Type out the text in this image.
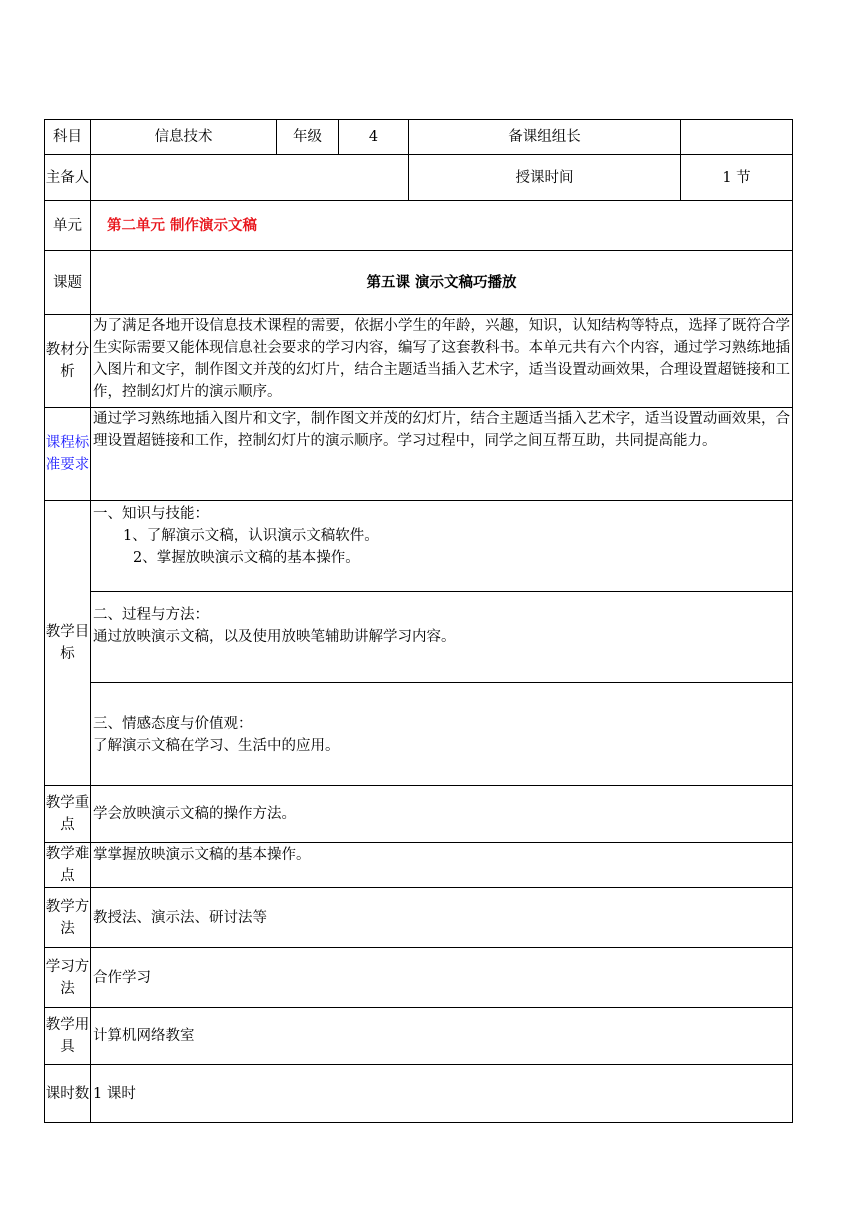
科目	信息技术	年级	4	备课组组长	
主备人				授课时间	1 节
单元	第二单元 制作演示文稿				
课题	第五课 演示文稿巧播放				
教材分析	为了满足各地开设信息技术课程的需要，依据小学生的年龄，兴趣，知识，认知结构等特点，选择了既符合学生实际需要又能体现信息社会要求的学习内容，编写了这套教科书。本单元共有六个内容，通过学习熟练地插入图片和文字，制作图文并茂的幻灯片，结合主题适当插入艺术字，适当设置动画效果，合理设置超链接和工作，控制幻灯片的演示顺序。				
课程标准要求	通过学习熟练地插入图片和文字，制作图文并茂的幻灯片，结合主题适当插入艺术字，适当设置动画效果，合理设置超链接和工作，控制幻灯片的演示顺序。学习过程中，同学之间互帮互助，共同提高能力。				
教学目标	一、知识与技能：
1、了解演示文稿，认识演示文稿软件。
2、掌握放映演示文稿的基本操作。				

	二、过程与方法：
通过放映演示文稿，以及使用放映笔辅助讲解学习内容。				

	三、情感态度与价值观：
了解演示文稿在学习、生活中的应用。				

教学重点	学会放映演示文稿的操作方法。				
教学难点	掌掌握放映演示文稿的基本操作。				
教学方法	教授法、演示法、研讨法等				
学习方法	合作学习				
教学用具	计算机网络教室				
课时数	1 课时				
